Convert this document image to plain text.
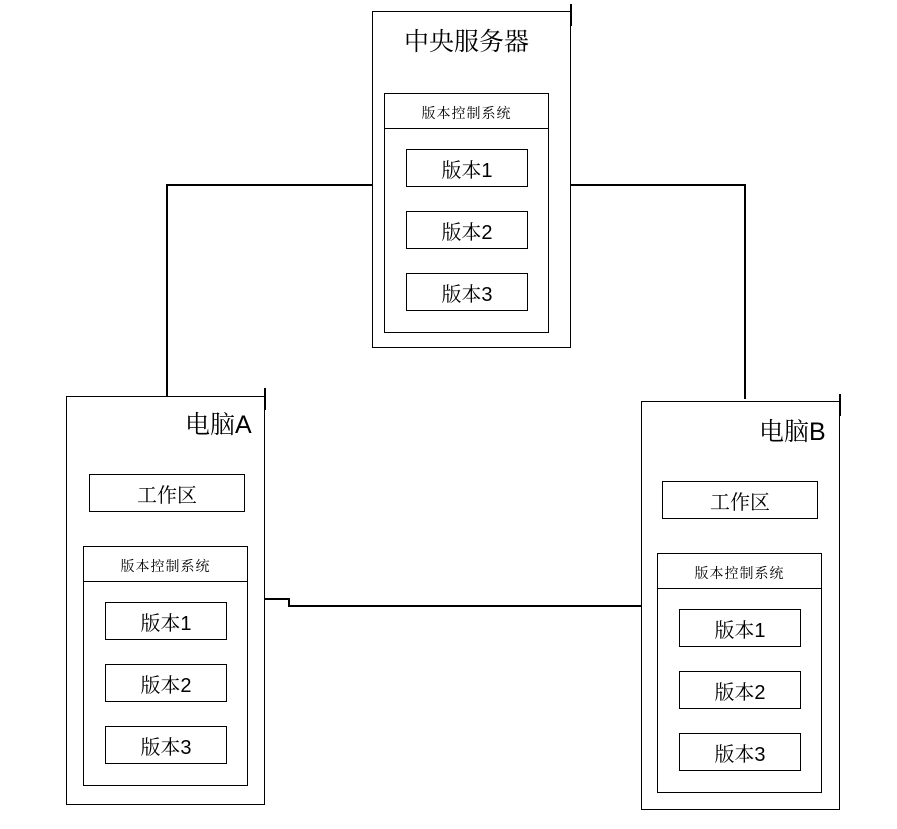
中央服务器
版本控制系统
版本1
版本2
版本3
电脑A
工作区
版本控制系统
版本1
版本2
版本3
电脑B
工作区
版本控制系统
版本1
版本2
版本3
